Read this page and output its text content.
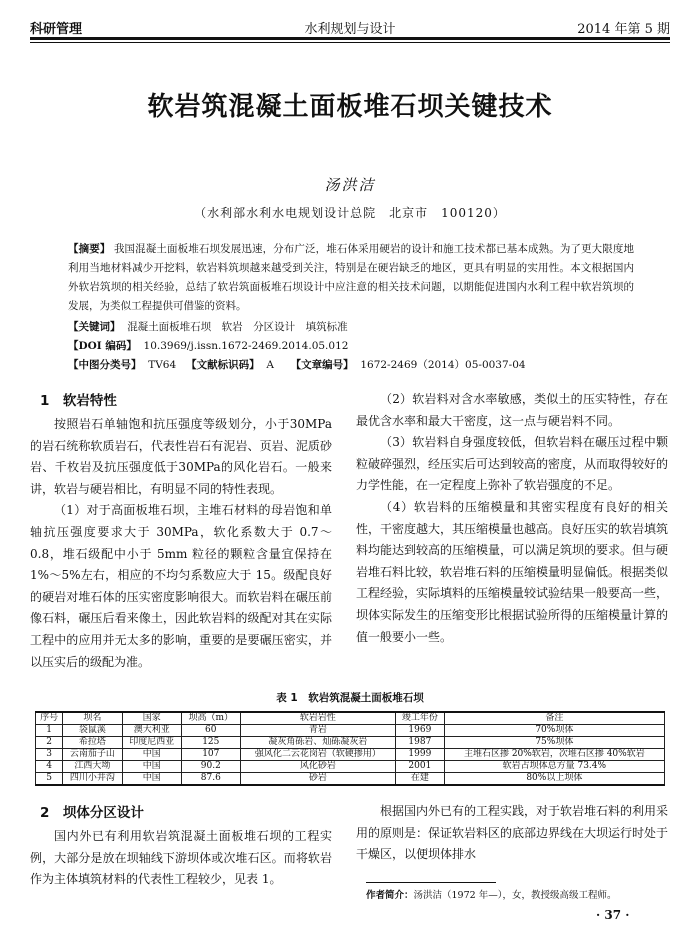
科研管理	水利规划与设计	2014 年第 5 期
软岩筑混凝土面板堆石坝关键技术
汤洪洁
（水利部水利水电规划设计总院　北京市　100120）
【摘要】 我国混凝土面板堆石坝发展迅速，分布广泛，堆石体采用硬岩的设计和施工技术都已基本成熟。为了更大限度地利用当地材料减少开挖料，软岩料筑坝越来越受到关注，特别是在硬岩缺乏的地区，更具有明显的实用性。本文根据国内外软岩筑坝的相关经验，总结了软岩筑面板堆石坝设计中应注意的相关技术问题，以期能促进国内水利工程中软岩筑坝的发展，为类似工程提供可借鉴的资料。
【关键词】 混凝土面板堆石坝　软岩　分区设计　填筑标准
【DOI 编码】 10.3969/j.issn.1672-2469.2014.05.012
【中图分类号】 TV64 【文献标识码】 A 【文章编号】 1672-2469（2014）05-0037-04
1　软岩特性

按照岩石单轴饱和抗压强度等级划分，小于30MPa 的岩石统称软质岩石，代表性岩石有泥岩、页岩、泥质砂岩、千枚岩及抗压强度低于30MPa的风化岩石。一般来讲，软岩与硬岩相比，有明显不同的特性表现。

（1）对于高面板堆石坝，主堆石材料的母岩饱和单轴抗压强度要求大于 30MPa，软化系数大于 0.7～0.8，堆石级配中小于 5mm 粒径的颗粒含量宜保持在 1%～5%左右，相应的不均匀系数应大于 15。级配良好的硬岩对堆石体的压实密度影响很大。而软岩料在碾压前像石料，碾压后看来像土，因此软岩料的级配对其在实际工程中的应用并无太多的影响，重要的是要碾压密实，并以压实后的级配为准。

（2）软岩料对含水率敏感，类似土的压实特性，存在最优含水率和最大干密度，这一点与硬岩料不同。

（3）软岩料自身强度较低，但软岩料在碾压过程中颗粒破碎强烈，经压实后可达到较高的密度，从而取得较好的力学性能，在一定程度上弥补了软岩强度的不足。

（4）软岩料的压缩模量和其密实程度有良好的相关性，干密度越大，其压缩模量也越高。良好压实的软岩填筑料均能达到较高的压缩模量，可以满足筑坝的要求。但与硬岩堆石料比较，软岩堆石料的压缩模量明显偏低。根据类似工程经验，实际填料的压缩模量较试验结果一般要高一些，坝体实际发生的压缩变形比根据试验所得的压缩模量计算的值一般要小一些。

表 1　软岩筑混凝土面板堆石坝
序号	坝名	国家	坝高（m）	软岩岩性	竣工年份	备注
1	袋鼠溪	澳大利亚	60	青岩	1969	70%坝体
2	希拉塔	印度尼西亚	125	凝灰角砾岩、灿砾凝灰岩	1987	75%坝体
3	云南茄子山	中国	107	强风化二云花岗岩（软硬掺用）	1999	主堆石区掺 20%软岩，次堆石区掺 40%软岩
4	江西大坳	中国	90.2	风化砂岩	2001	软岩占坝体总方量 73.4%
5	四川小井沟	中国	87.6	砂岩	在建	80%以上坝体
2　坝体分区设计

国内外已有利用软岩筑混凝土面板堆石坝的工程实例，大部分是放在坝轴线下游坝体或次堆石区。而将软岩作为主体填筑材料的代表性工程较少，见表 1。

根据国内外已有的工程实践，对于软岩堆石料的利用采用的原则是：保证软岩料区的底部边界线在大坝运行时处于干燥区，以便坝体排水

作者简介：汤洪洁（1972 年—），女，教授级高级工程师。
· 37 ·
